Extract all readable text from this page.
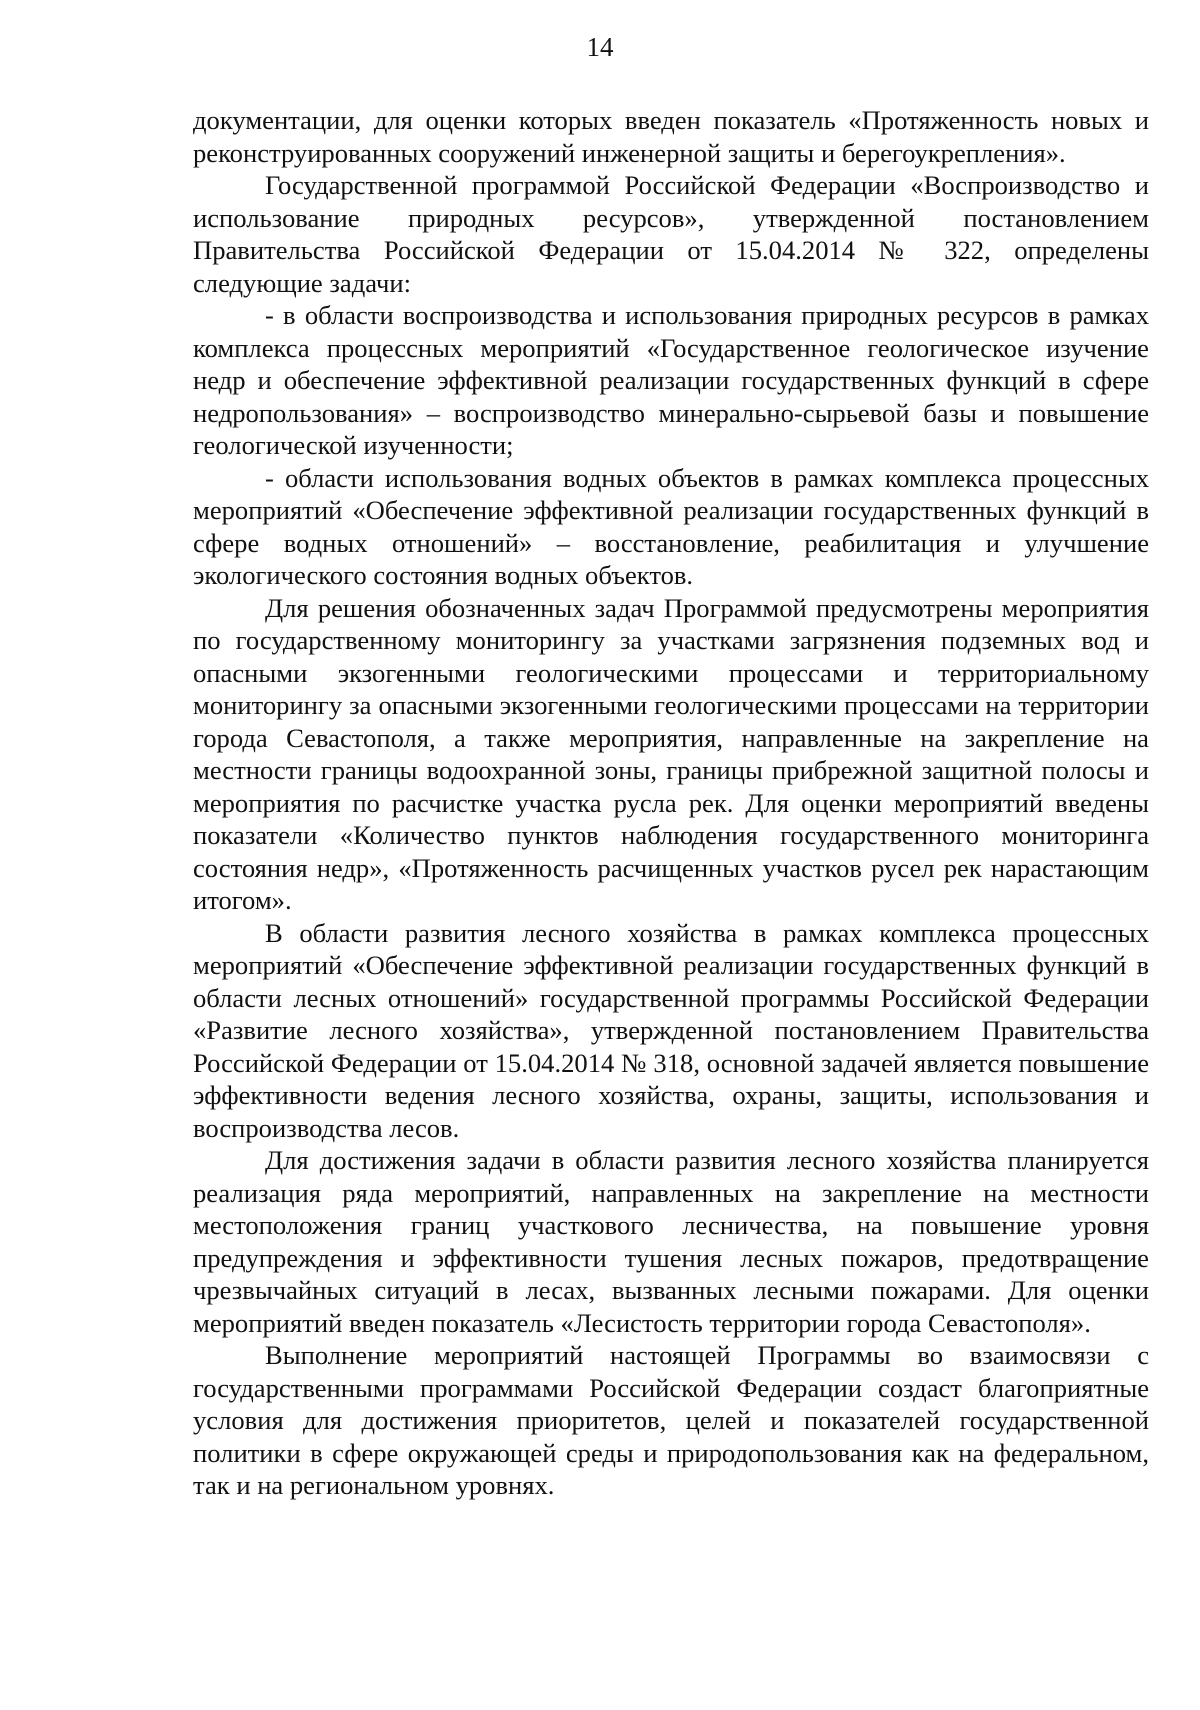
14

документации, для оценки которых введен показатель «Протяженность новых и реконструированных сооружений инженерной защиты и берегоукрепления».

Государственной программой Российской Федерации «Воспроизводство и использование природных ресурсов», утвержденной постановлением Правительства Российской Федерации от 15.04.2014 № 322, определены следующие задачи:

- в области воспроизводства и использования природных ресурсов в рамках комплекса процессных мероприятий «Государственное геологическое изучение недр и обеспечение эффективной реализации государственных функций в сфере недропользования» – воспроизводство минерально-сырьевой базы и повышение геологической изученности;

- области использования водных объектов в рамках комплекса процессных мероприятий «Обеспечение эффективной реализации государственных функций в сфере водных отношений» – восстановление, реабилитация и улучшение экологического состояния водных объектов.

Для решения обозначенных задач Программой предусмотрены мероприятия по государственному мониторингу за участками загрязнения подземных вод и опасными экзогенными геологическими процессами и территориальному мониторингу за опасными экзогенными геологическими процессами на территории города Севастополя, а также мероприятия, направленные на закрепление на местности границы водоохранной зоны, границы прибрежной защитной полосы и мероприятия по расчистке участка русла рек. Для оценки мероприятий введены показатели «Количество пунктов наблюдения государственного мониторинга состояния недр», «Протяженность расчищенных участков русел рек нарастающим итогом».

В области развития лесного хозяйства в рамках комплекса процессных мероприятий «Обеспечение эффективной реализации государственных функций в области лесных отношений» государственной программы Российской Федерации «Развитие лесного хозяйства», утвержденной постановлением Правительства Российской Федерации от 15.04.2014 № 318, основной задачей является повышение эффективности ведения лесного хозяйства, охраны, защиты, использования и воспроизводства лесов.

Для достижения задачи в области развития лесного хозяйства планируется реализация ряда мероприятий, направленных на закрепление на местности местоположения границ участкового лесничества, на повышение уровня предупреждения и эффективности тушения лесных пожаров, предотвращение чрезвычайных ситуаций в лесах, вызванных лесными пожарами. Для оценки мероприятий введен показатель «Лесистость территории города Севастополя».

Выполнение мероприятий настоящей Программы во взаимосвязи с государственными программами Российской Федерации создаст благоприятные условия для достижения приоритетов, целей и показателей государственной политики в сфере окружающей среды и природопользования как на федеральном, так и на региональном уровнях.
